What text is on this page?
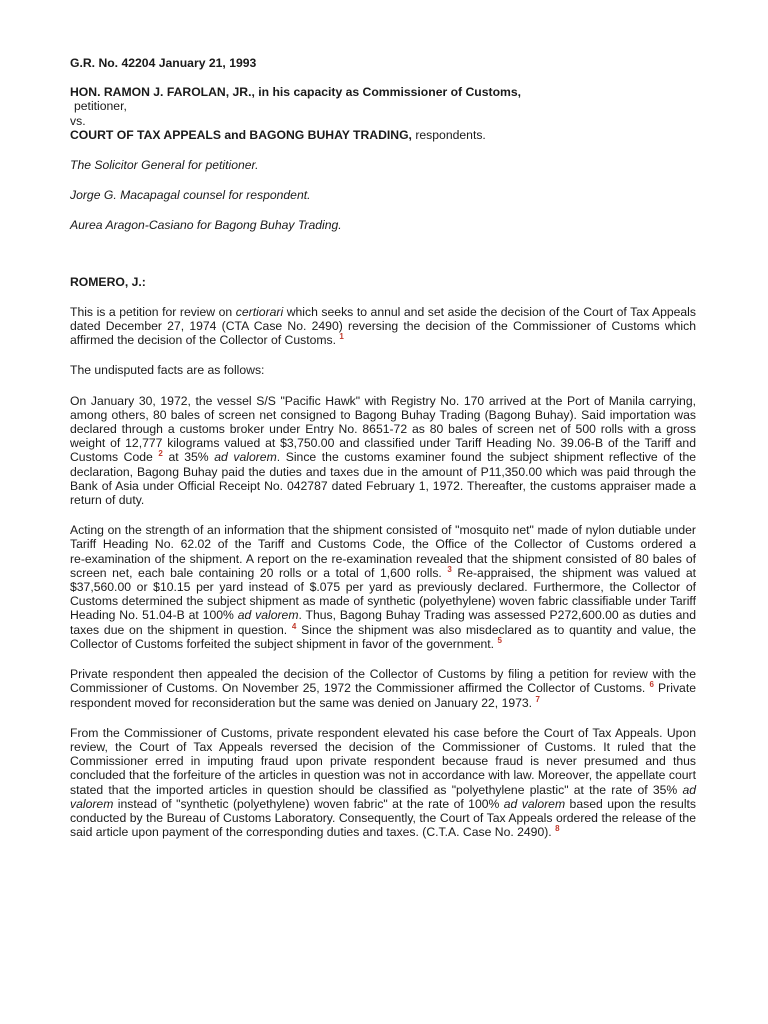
G.R. No. 42204 January 21, 1993
HON. RAMON J. FAROLAN, JR., in his capacity as Commissioner of Customs,
petitioner,
vs.
COURT OF TAX APPEALS and BAGONG BUHAY TRADING, respondents.

The Solicitor General for petitioner.

Jorge G. Macapagal counsel for respondent.

Aurea Aragon-Casiano for Bagong Buhay Trading.

ROMERO, J.:

This is a petition for review on certiorari which seeks to annul and set aside the decision of the Court of Tax Appeals dated December 27, 1974 (CTA Case No. 2490) reversing the decision of the Commissioner of Customs which affirmed the decision of the Collector of Customs. $^1$

The undisputed facts are as follows:

On January 30, 1972, the vessel S/S "Pacific Hawk" with Registry No. 170 arrived at the Port of Manila carrying, among others, 80 bales of screen net consigned to Bagong Buhay Trading (Bagong Buhay). Said importation was declared through a customs broker under Entry No. 8651-72 as 80 bales of screen net of 500 rolls with a gross weight of 12,777 kilograms valued at $3,750.00 and classified under Tariff Heading No. 39.06-B of the Tariff and Customs Code $^2$ at 35% ad valorem. Since the customs examiner found the subject shipment reflective of the declaration, Bagong Buhay paid the duties and taxes due in the amount of P11,350.00 which was paid through the Bank of Asia under Official Receipt No. 042787 dated February 1, 1972. Thereafter, the customs appraiser made a return of duty.

Acting on the strength of an information that the shipment consisted of "mosquito net" made of nylon dutiable under Tariff Heading No. 62.02 of the Tariff and Customs Code, the Office of the Collector of Customs ordered a
re-examination of the shipment. A report on the re-examination revealed that the shipment consisted of 80 bales of screen net, each bale containing 20 rolls or a total of 1,600 rolls. $^3$ Re-appraised, the shipment was valued at $37,560.00 or $10.15 per yard instead of $.075 per yard as previously declared. Furthermore, the Collector of Customs determined the subject shipment as made of synthetic (polyethylene) woven fabric classifiable under Tariff Heading No. 51.04-B at 100% ad valorem. Thus, Bagong Buhay Trading was assessed P272,600.00 as duties and taxes due on the shipment in question. $^4$ Since the shipment was also misdeclared as to quantity and value, the Collector of Customs forfeited the subject shipment in favor of the government. $^5$

Private respondent then appealed the decision of the Collector of Customs by filing a petition for review with the Commissioner of Customs. On November 25, 1972 the Commissioner affirmed the Collector of Customs. $^6$ Private respondent moved for reconsideration but the same was denied on January 22, 1973. $^7$

From the Commissioner of Customs, private respondent elevated his case before the Court of Tax Appeals. Upon review, the Court of Tax Appeals reversed the decision of the Commissioner of Customs. It ruled that the Commissioner erred in imputing fraud upon private respondent because fraud is never presumed and thus concluded that the forfeiture of the articles in question was not in accordance with law. Moreover, the appellate court stated that the imported articles in question should be classified as "polyethylene plastic" at the rate of 35% ad valorem instead of "synthetic (polyethylene) woven fabric" at the rate of 100% ad valorem based upon the results conducted by the Bureau of Customs Laboratory. Consequently, the Court of Tax Appeals ordered the release of the said article upon payment of the corresponding duties and taxes. (C.T.A. Case No. 2490). $^8$
